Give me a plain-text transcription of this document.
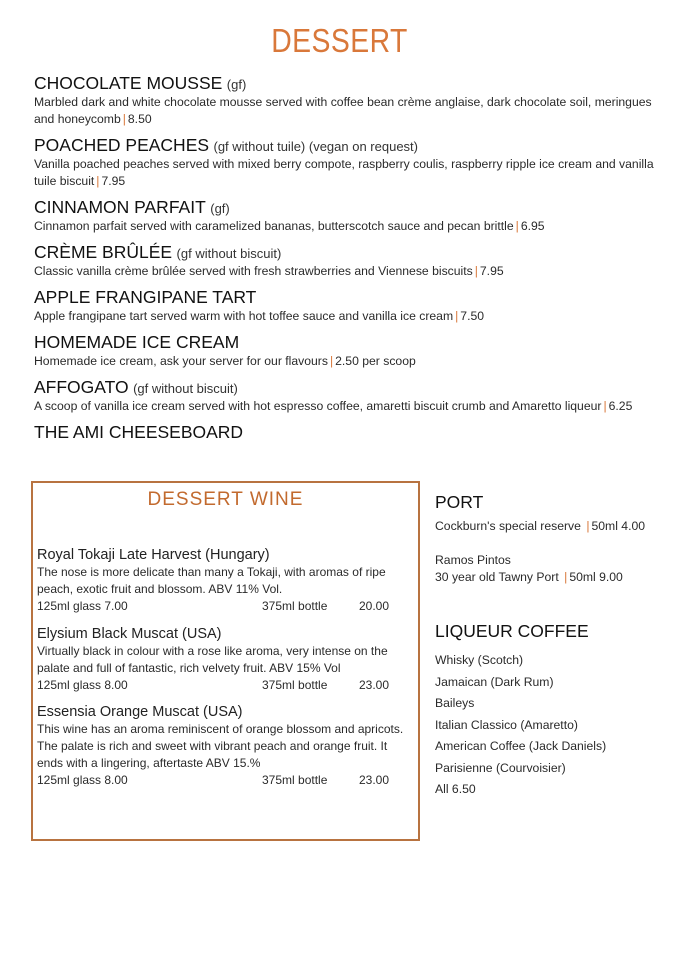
DESSERT
CHOCOLATE MOUSSE (gf)
Marbled dark and white chocolate mousse served with coffee bean crème anglaise, dark chocolate soil, meringues and honeycomb | 8.50
POACHED PEACHES (gf without tuile) (vegan on request)
Vanilla poached peaches served with mixed berry compote, raspberry coulis, raspberry ripple ice cream and vanilla tuile biscuit | 7.95
CINNAMON PARFAIT (gf)
Cinnamon parfait served with caramelized bananas, butterscotch sauce and pecan brittle | 6.95
CRÈME BRÛLÉE (gf without biscuit)
Classic vanilla crème brûlée served with fresh strawberries and Viennese biscuits | 7.95
APPLE FRANGIPANE TART
Apple frangipane tart served warm with hot toffee sauce and vanilla ice cream | 7.50
HOMEMADE ICE CREAM
Homemade ice cream, ask your server for our flavours | 2.50 per scoop
AFFOGATO (gf without biscuit)
A scoop of vanilla ice cream served with hot espresso coffee, amaretti biscuit crumb and Amaretto liqueur | 6.25
THE AMI CHEESEBOARD
DESSERT WINE
Royal Tokaji Late Harvest (Hungary)
The nose is more delicate than many a Tokaji, with aromas of ripe peach, exotic fruit and blossom. ABV 11% Vol.
125ml glass 7.00	375ml bottle	20.00
Elysium Black Muscat (USA)
Virtually black in colour with a rose like aroma, very intense on the palate and full of fantastic, rich velvety fruit. ABV 15% Vol
125ml glass 8.00	375ml bottle	23.00
Essensia Orange Muscat (USA)
This wine has an aroma reminiscent of orange blossom and apricots. The palate is rich and sweet with vibrant peach and orange fruit. It ends with a lingering, aftertaste ABV 15.%
125ml glass 8.00	375ml bottle	23.00
PORT
Cockburn's special reserve | 50ml 4.00
Ramos Pintos
30 year old Tawny Port | 50ml 9.00
LIQUEUR COFFEE
Whisky (Scotch)
Jamaican (Dark Rum)
Baileys
Italian Classico (Amaretto)
American Coffee (Jack Daniels)
Parisienne (Courvoisier)
All 6.50
